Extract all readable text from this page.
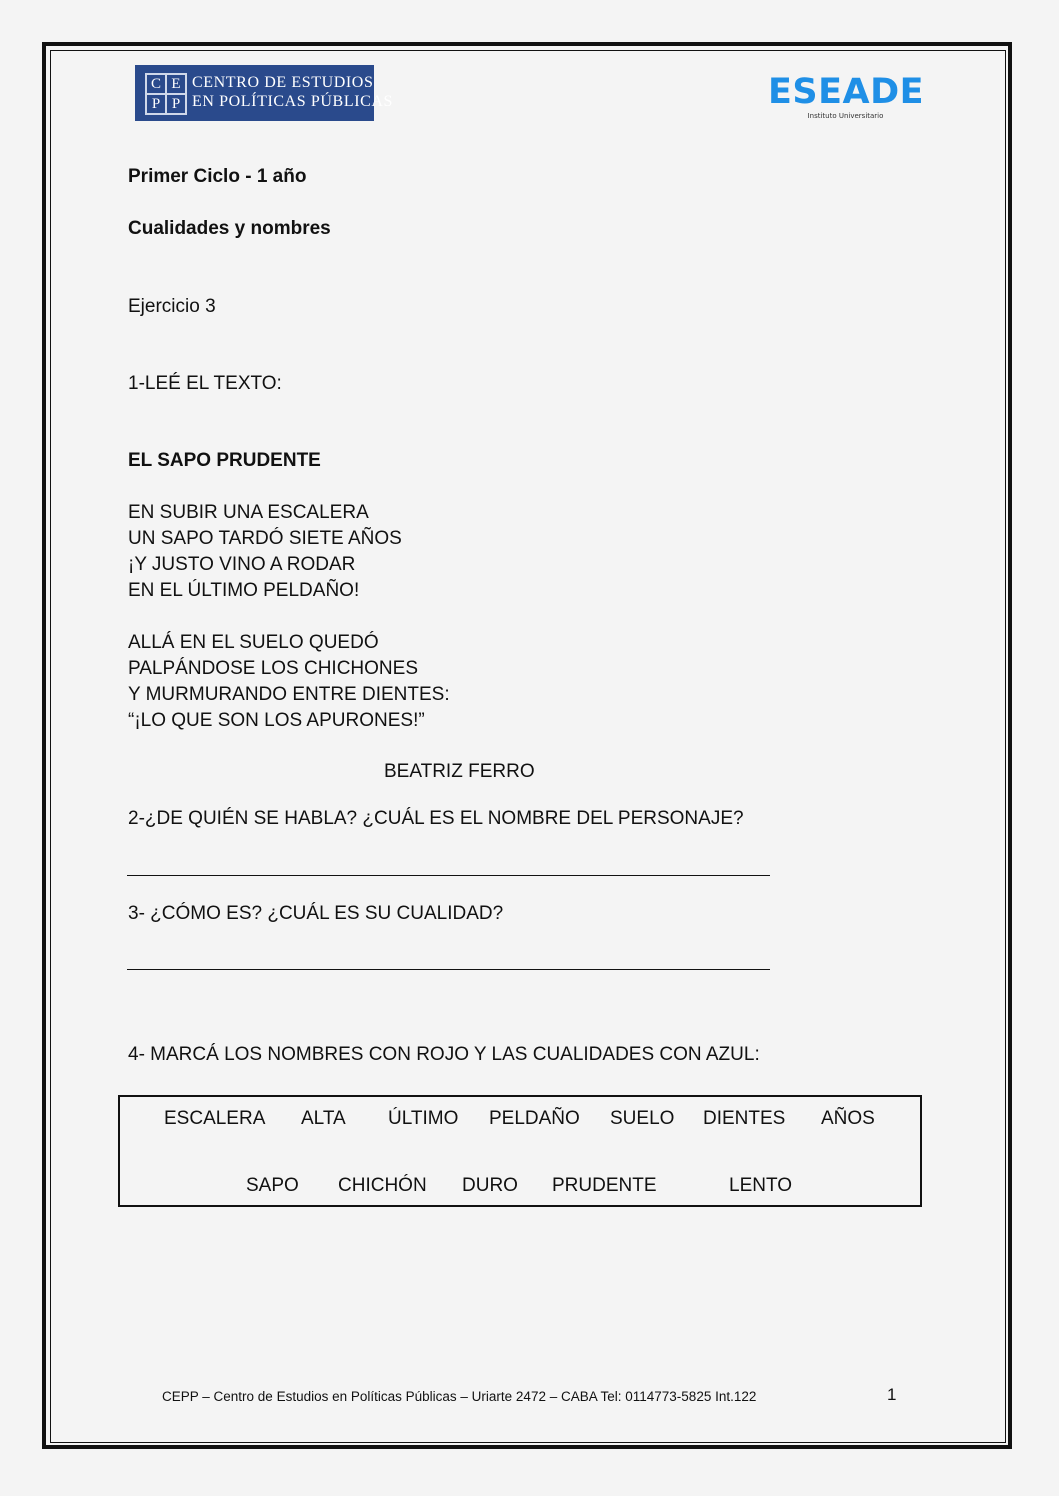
C E
P P
CENTRO DE ESTUDIOS
EN POLÍTICAS PÚBLICAS	ESEADE
Instituto Universitario
Primer Ciclo - 1 año
Cualidades y nombres
Ejercicio 3
1-LEÉ EL TEXTO:
EL SAPO PRUDENTE
EN SUBIR UNA ESCALERA
UN SAPO TARDÓ SIETE AÑOS
¡Y JUSTO VINO A RODAR
EN EL ÚLTIMO PELDAÑO!
ALLÁ EN EL SUELO QUEDÓ
PALPÁNDOSE LOS CHICHONES
Y MURMURANDO ENTRE DIENTES:
“¡LO QUE SON LOS APURONES!”
BEATRIZ FERRO
2-¿DE QUIÉN SE HABLA? ¿CUÁL ES EL NOMBRE DEL PERSONAJE?
3- ¿CÓMO ES? ¿CUÁL ES SU CUALIDAD?
4- MARCÁ LOS NOMBRES CON ROJO Y LAS CUALIDADES CON AZUL:
ESCALERA ALTA ÚLTIMO PELDAÑO SUELO DIENTES AÑOS
SAPO CHICHÓN DURO PRUDENTE	LENTO
CEPP – Centro de Estudios en Políticas Públicas – Uriarte 2472 – CABA Tel: 0114773-5825 Int.122	1
